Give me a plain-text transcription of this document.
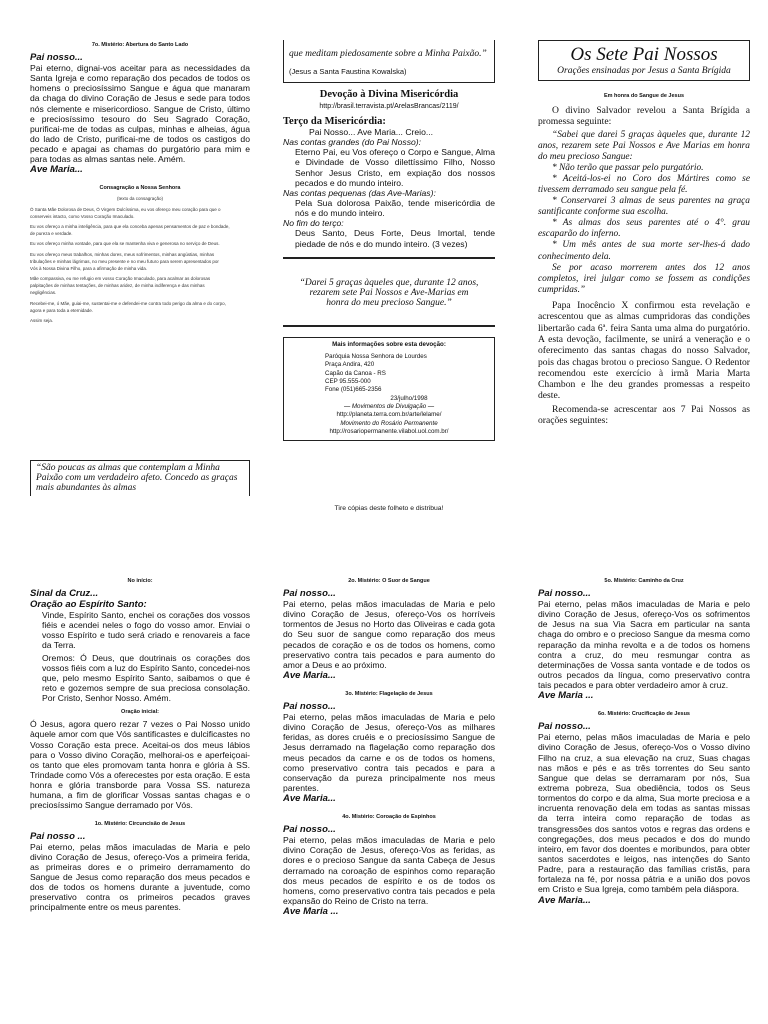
7o. Mistério: Abertura do Santo Lado
Pai nosso...
Pai eterno, dignai-vos aceitar para as necessidades da Santa Igreja e como reparação dos pecados de todos os homens o preciosíssimo Sangue e água que manaram da chaga do divino Coração de Jesus e sede para todos nós clemente e misericordioso. Sangue de Cristo, último e preciosíssimo tesouro do Seu Sagrado Coração, purificai-me de todas as culpas, minhas e alheias, água do lado de Cristo, purificai-me de todos os castigos do pecado e apagai as chamas do purgatório para mim e para todas as almas santas nele. Amém.
Ave Maria...
Consagração a Nossa Senhora
(texto da consagração)
Ó Santa Mãe Dolorosa de Deus, Ó Virgem Dulcíssima, eu vos ofereço meu coração para que o
conserveis intacto, como Vosso Coração Imaculado.
Eu vos ofereço a minha inteligência, para que ela conceba apenas pensamentos de paz e bondade,
de pureza e verdade.
Eu vos ofereço minha vontade, para que ela se mantenha viva e generosa no serviço de Deus.
Eu vos ofereço meus trabalhos, minhas dores, meus sofrimentos, minhas angústias, minhas
tribulações e minhas lágrimas, no meu presente e no meu futuro para serem apresentados por
Vós à Nossa Divina Filho, para a afirmação de minha vida.
Mãe compassiva, eu me refugio em vosso Coração Imaculado, para acalmar as dolorosas
palpitações de minhas tentações, de minhas aridez, de minha indiferença e das minhas
negligências.
Recebei-me, ó Mãe, guiai-me, sustentai-me e defendei-me contra todo perigo da alma e do corpo,
agora e para toda a eternidade.
Assim seja.
“São poucas as almas que contemplam a Minha Paixão com um verdadeiro afeto. Concedo as graças mais abundantes às almas
que meditam piedosamente sobre a Minha Paixão.” (Jesus a Santa Faustina Kowalska)
Devoção à Divina Misericórdia
http://brasil.terravista.pt/ArelasBrancas/2119/
Terço da Misericórdia:
Pai Nosso... Ave Maria... Creio...
Nas contas grandes (do Pai Nosso):
Eterno Pai, eu Vos ofereço o Corpo e Sangue, Alma e Divindade de Vosso dilettíssimo Filho, Nosso Senhor Jesus Cristo, em expiação dos nossos pecados e do mundo inteiro.
Nas contas pequenas (das Ave-Marias):
Pela Sua dolorosa Paixão, tende misericórdia de nós e do mundo inteiro.
No fim do terço:
Deus Santo, Deus Forte, Deus Imortal, tende piedade de nós e do mundo inteiro. (3 vezes)
“Darei 5 graças àqueles que, durante 12 anos, rezarem sete Pai Nossos e Ave-Marias em honra do meu precioso Sangue.”
Mais informações sobre esta devoção:
Paróquia Nossa Senhora de Lourdes
Praça Andira, 420
Capão da Canoa - RS
CEP 95.555-000
Fone (051)665-2356
23/julho/1998
— Movimentos de Divulgação —
http://planeta.terra.com.br/arte/lelame/
Movimento do Rosário Permanente
http://rosariopermanente.vilabol.uol.com.br/
Tire cópias deste folheto e distribua!
Os Sete Pai Nossos
Orações ensinadas por Jesus a Santa Brígida
Em honra do Sangue de Jesus
O divino Salvador revelou a Santa Brígida a promessa seguinte:
“Sabei que darei 5 graças àqueles que, durante 12 anos, rezarem sete Pai Nossos e Ave Marias em honra do meu precioso Sangue:
* Não terão que passar pelo purgatório.
* Aceitá-los-ei no Coro dos Mártires como se tivessem derramado seu sangue pela fé.
* Conservarei 3 almas de seus parentes na graça santificante conforme sua escolha.
* As almas dos seus parentes até o 4°. grau escaparão do inferno.
* Um mês antes de sua morte ser-lhes-á dado conhecimento dela.
Se por acaso morrerem antes dos 12 anos completos, irei julgar como se fossem as condições cumpridas.”
Papa Inocêncio X confirmou esta revelação e acrescentou que as almas cumpridoras das condições libertarão cada 6ª. feira Santa uma alma do purgatório. A esta devoção, facilmente, se unirá a veneração e o oferecimento das santas chagas do nosso Salvador, pois das chagas brotou o precioso Sangue. O Redentor recomendou este exercício à irmã Maria Marta Chambon e lhe deu grandes promessas a respeito deste.
Recomenda-se acrescentar aos 7 Pai Nossos as orações seguintes:
No início:
Sinal da Cruz...
Oração ao Espírito Santo:
Vinde, Espírito Santo, enchei os corações dos vossos fiéis e acendei neles o fogo do vosso amor. Enviai o vosso Espírito e tudo será criado e renovareis a face da Terra.
Oremos: Ó Deus, que doutrinais os corações dos vossos fiéis com a luz do Espírito Santo, concedei-nos que, pelo mesmo Espírito Santo, saibamos o que é reto e gozemos sempre de sua preciosa consolação. Por Cristo, Senhor Nosso. Amém.
Oração inicial:
Ó Jesus, agora quero rezar 7 vezes o Pai Nosso unido àquele amor com que Vós santificastes e dulcificastes no Vosso Coração esta prece. Aceitai-os dos meus lábios para o Vosso divino Coração, melhorai-os e aperfeiçoai-os tanto que eles promovam tanta honra e glória à SS. Trindade como Vós a oferecestes por esta oração. E esta honra e glória transborde para Vossa SS. natureza humana, a fim de glorificar Vossas santas chagas e o preciosíssimo Sangue derramado por Vós.
1o. Mistério: Circuncisão de Jesus
Pai nosso ...
Pai eterno, pelas mãos imaculadas de Maria e pelo divino Coração de Jesus, ofereço-Vos a primeira ferida, as primeiras dores e o primeiro derramamento do Sangue de Jesus como reparação dos meus pecados e dos de todos os homens durante a juventude, como preservativo contra os primeiros pecados graves principalmente entre os meus parentes.
2o. Mistério: O Suor de Sangue
Pai nosso...
Pai eterno, pelas mãos imaculadas de Maria e pelo divino Coração de Jesus, ofereço-Vos os horríveis tormentos de Jesus no Horto das Oliveiras e cada gota do Seu suor de sangue como reparação dos meus pecados de coração e os de todos os homens, como preservativo contra tais pecados e para aumento do amor a Deus e ao próximo.
Ave Maria...
3o. Mistério: Flagelação de Jesus
Pai nosso...
Pai eterno, pelas mãos imaculadas de Maria e pelo divino Coração de Jesus, ofereço-Vos as milhares feridas, as dores cruéis e o preciosíssimo Sangue de Jesus derramado na flagelação como reparação dos meus pecados da carne e os de todos os homens, como preservativo contra tais pecados e para a conservação da pureza principalmente nos meus parentes.
Ave Maria...
4o. Mistério: Coroação de Espinhos
Pai nosso...
Pai eterno, pelas mãos imaculadas de Maria e pelo divino Coração de Jesus, ofereço-Vos as feridas, as dores e o precioso Sangue da santa Cabeça de Jesus derramado na coroação de espinhos como reparação dos meus pecados de espírito e os de todos os homens, como preservativo contra tais pecados e pela expansão do Reino de Cristo na terra.
Ave Maria ...
5o. Mistério: Caminho da Cruz
Pai nosso...
Pai eterno, pelas mãos imaculadas de Maria e pelo divino Coração de Jesus, ofereço-Vos os sofrimentos de Jesus na sua Via Sacra em particular na santa chaga do ombro e o precioso Sangue da mesma como reparação da minha revolta e a de todos os homens contra a cruz, do meu resmungar contra as determinações de Vossa santa vontade e de todos os outros pecados da língua, como preservativo contra tais pecados e para obter verdadeiro amor à cruz.
Ave Maria ...
6o. Mistério: Crucificação de Jesus
Pai nosso...
Pai eterno, pelas mãos imaculadas de Maria e pelo divino Coração de Jesus, ofereço-Vos o Vosso divino Filho na cruz, a sua elevação na cruz, Suas chagas nas mãos e pés e as três torrentes do Seu santo Sangue que delas se derramaram por nós, Sua extrema pobreza, Sua obediência, todos os Seus tormentos do corpo e da alma, Sua morte preciosa e a incruenta renovação dela em todas as santas missas da terra inteira como reparação de todas as transgressões dos santos votos e regras das ordens e congregações, dos meus pecados e dos do mundo inteiro, em favor dos doentes e moribundos, para obter santos sacerdotes e leigos, nas intenções do Santo Padre, para a restauração das famílias cristãs, para fortaleza na fé, por nossa pátria e a união dos povos em Cristo e Sua Igreja, como também pela diáspora.
Ave Maria...
